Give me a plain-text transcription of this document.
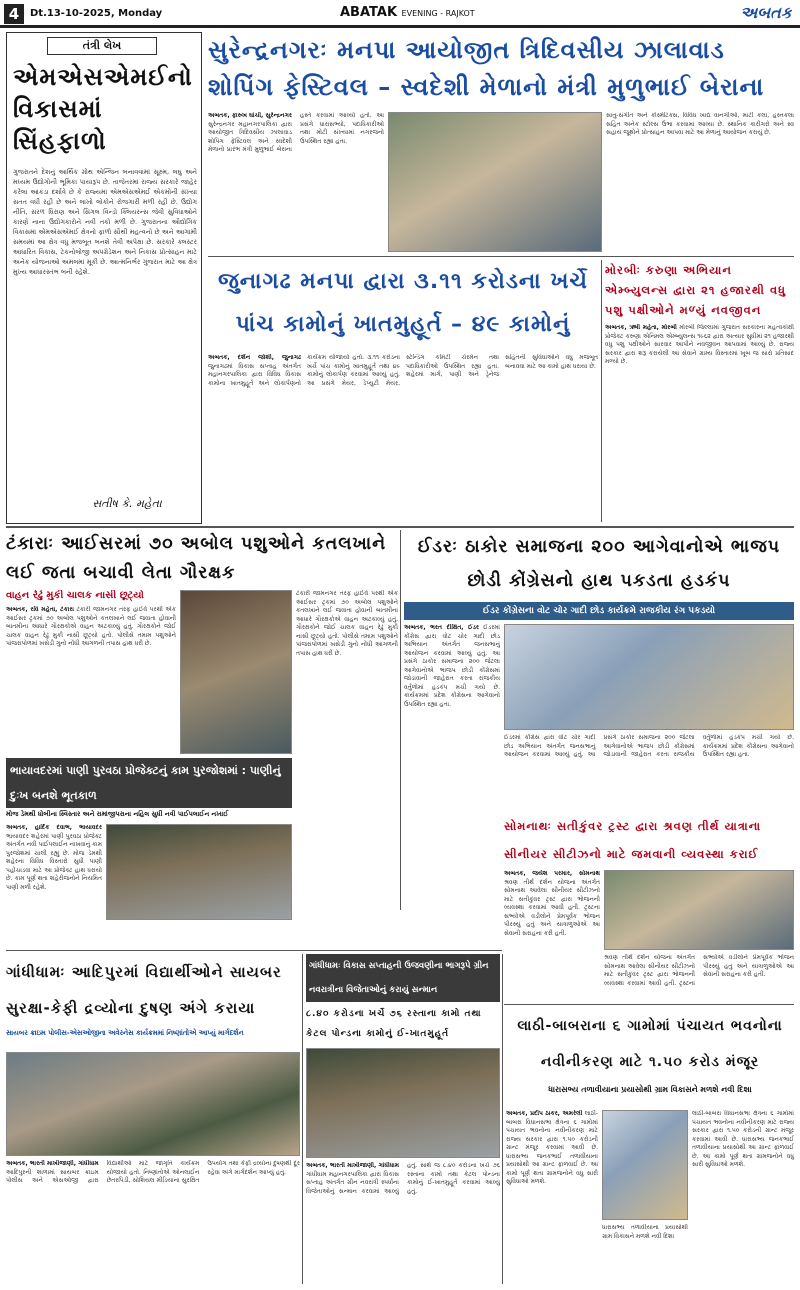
4	Dt.13-10-2025, Monday	ABATAK EVENING - RAJKOT	અબતક
તંત્રી લેખ
એમએસએમઈનો વિકાસમાં સિંહફાળો
ગુજરાતને દેશનું આર્થિક ગ્રોથ એન્જિન બનાવવામાં સૂક્ષ્મ, લઘુ અને મધ્યમ ઉદ્યોગોની ભૂમિકા પાયારૂપ છે. તાજેતરમાં રાજ્ય સરકારે જાહેર કરેલા આંકડા દર્શાવે છે કે રાજ્યમાં એમએસએમઈ એકમોની સંખ્યા સતત વધી રહી છે અને લાખો લોકોને રોજગારી મળી રહી છે. ઉદ્યોગ નીતિ, સરળ ધિરાણ અને સિંગલ વિન્ડો ક્લિયરન્સ જેવી સુવિધાઓને કારણે નાના ઉદ્યોગકારોને નવી તકો મળી છે. ગુજરાતના ઔદ્યોગિક વિકાસમાં એમએસએમઈ ક્ષેત્રનો ફાળો સૌથી મહત્વનો છે અને આગામી સમયમાં આ ક્ષેત્ર વધુ મજબૂત બનશે તેવી અપેક્ષા છે. સરકારે ક્લસ્ટર આધારિત વિકાસ, ટેકનોલોજી અપગ્રેડેશન અને નિકાસ પ્રોત્સાહન માટે અનેક યોજનાઓ અમલમાં મૂકી છે. આત્મનિર્ભર ગુજરાત માટે આ ક્ષેત્ર મુખ્ય આધારસ્તંભ બની રહેશે.
સતીષ કે. મહેતા
સુરેન્દ્રનગરઃ મનપા આયોજીત ત્રિદિવસીય ઝાલાવાડ શોપિંગ ફેસ્ટિવલ – સ્વદેશી મેળાનો મંત્રી મુળુભાઈ બેરાના
અબતક, ફારુખ ઘાંચી, સુરેન્દ્રનગર સુરેન્દ્રનગર મહાનગરપાલિકા દ્વારા આયોજીત ત્રિદિવસીય ઝાલાવાડ શોપિંગ ફેસ્ટિવલ અને સ્વદેશી મેળાનો પ્રારંભ મંત્રી મુળુભાઈ બેરાના હસ્તે કરવામાં આવ્યો હતો. આ પ્રસંગે ધારાસભ્યો, પદાધિકારીઓ તથા મોટી સંખ્યામાં નગરજનો ઉપસ્થિત રહ્યા હતા.
સાતુ-સંગીત અને કોસ્મેટિક્સ, વિવિધ ખાદ્ય વાનગીઓ, માટી કલા, હસ્તકલા સહિત અનેક સ્ટોલ્સ ઉભા કરવામાં આવ્યા છે. સ્થાનિક કારીગરો અને સ્વ સહાય જૂથોને પ્રોત્સાહન આપવા માટે આ મેળાનું આયોજન કરાયું છે.
જુનાગઢ મનપા દ્વારા ૩.૧૧ કરોડના ખર્ચે પાંચ કામોનું ખાતમુહૂર્ત – ૪૯ કામોનું
અબતક, દર્શન જોશી, જુનાગઢ જુનાગઢમાં વિકાસ સપ્તાહ અંતર્ગત મહાનગરપાલિકા દ્વારા વિવિધ વિકાસ કામોના ખાતમુહૂર્ત અને લોકાર્પણનો કાર્યક્રમ યોજાયો હતો. ૩.૧૧ કરોડના ખર્ચે પાંચ કામોનું ખાતમુહૂર્ત તથા ૪૯ કામોનું લોકાર્પણ કરવામાં આવ્યું હતું. આ પ્રસંગે મેયર, ડેપ્યુટી મેયર, સ્ટેન્ડિંગ કમિટી ચેરમેન તથા પદાધિકારીઓ ઉપસ્થિત રહ્યા હતા. શહેરમાં માર્ગ, પાણી અને ડ્રેનેજ સહિતની સુવિધાઓને વધુ મજબૂત બનાવવા માટે આ કામો હાથ ધરાયા છે.
મોરબીઃ કરુણા અભિયાન એમ્બ્યુલન્સ દ્વારા ૨૧ હજારથી વધુ પશુ પક્ષીઓને મળ્યું નવજીવન
અબતક, ઋષી મહેતા, મોરબી મોરબી જિલ્લામાં ગુજરાત સરકારના મહત્વકાંક્ષી પ્રોજેક્ટ કરુણા એનિમલ એમ્બ્યુલન્સ ૧૯૬૨ દ્વારા અત્યાર સુધીમાં ૨૧ હજારથી વધુ પશુ પક્ષીઓને સારવાર આપીને નવજીવન આપવામાં આવ્યું છે. રાજ્ય સરકાર દ્વારા શરૂ કરાયેલી આ સેવાને ગ્રામ્ય વિસ્તારમાં ખૂબ જ સારો પ્રતિસાદ મળ્યો છે.
ટંકારાઃ આઈસરમાં ૭૦ અબોલ પશુઓને કતલખાને લઈ જતા બચાવી લેતા ગૌરક્ષક
વાહન રેઢું મુકી ચાલક નાસી છૂટ્યો
અબતક, રવિ મહેતા, ટંકારા ટંકારી જામનગર તરફ હાઈવે પરથી એક આઈસર ટ્રકમાં ૭૦ અબોલ પશુઓને કતલખાને લઈ જવાતા હોવાની બાતમીના આધારે ગૌરક્ષકોએ વાહન અટકાવ્યું હતું. ગૌરક્ષકોને જોઈ ચાલક વાહન રેઢું મુકી નાસી છૂટ્યો હતો. પોલીસે તમામ પશુઓને પાંજરાપોળમાં ખસેડી ગુનો નોંધી આગળની તપાસ હાથ ધરી છે.
ટંકારી જામનગર તરફ હાઈવે પરથી એક આઈસર ટ્રકમાં ૭૦ અબોલ પશુઓને કતલખાને લઈ જવાતા હોવાની બાતમીના આધારે ગૌરક્ષકોએ વાહન અટકાવ્યું હતું. ગૌરક્ષકોને જોઈ ચાલક વાહન રેઢું મુકી નાસી છૂટ્યો હતો. પોલીસે તમામ પશુઓને પાંજરાપોળમાં ખસેડી ગુનો નોંધી આગળની તપાસ હાથ ધરી છે.
ભાયાવદરમાં પાણી પુરવઠા પ્રોજેક્ટનું કામ પુરજોશમાં : પાણીનું દુઃખ બનશે ભૂતકાળ
મોજ ડેમથી ધોબીના સ્વિસ્તાર અને રામાંજીપરાના નહિલ સુધી નવી પાઈપલાઈન નખાઈ
અબતક, હાર્દિક દવાભ, ભાયાવદર ભાયાવદર શહેરમાં પાણી પુરવઠા પ્રોજેક્ટ અંતર્ગત નવી પાઈપલાઈન નાખવાનું કામ પુરજોશમાં ચાલી રહ્યું છે. મોજ ડેમથી શહેરના વિવિધ વિસ્તારો સુધી પાણી પહોંચાડવા માટે આ પ્રોજેક્ટ હાથ ધરાયો છે. કામ પૂર્ણ થતા શહેરીજનોને નિયમિત પાણી મળી રહેશે.
ઈડરઃ ઠાકોર સમાજના ૨૦૦ આગેવાનોએ ભાજપ છોડી કોંગ્રેસનો હાથ પકડતા હડકંપ
ઈડર કોંગ્રેસના વોટ ચોર ગાદી છોડ કાર્યક્રમે રાજકીય રંગ પકડયો
અબતક, ભરત દીક્ષિત, ઈડર ઈડરમાં કોંગ્રેસ દ્વારા વોટ ચોર ગાદી છોડ અભિયાન અંતર્ગત જનસભાનું આયોજન કરવામાં આવ્યું હતું. આ પ્રસંગે ઠાકોર સમાજના ૨૦૦ જેટલા આગેવાનોએ ભાજપ છોડી કોંગ્રેસમાં જોડાવાની જાહેરાત કરતા રાજકીય વર્તુળોમાં હડકંપ મચી ગયો છે. કાર્યક્રમમાં પ્રદેશ કોંગ્રેસના આગેવાનો ઉપસ્થિત રહ્યા હતા.
ઈડરમાં કોંગ્રેસ દ્વારા વોટ ચોર ગાદી છોડ અભિયાન અંતર્ગત જનસભાનું આયોજન કરવામાં આવ્યું હતું. આ પ્રસંગે ઠાકોર સમાજના ૨૦૦ જેટલા આગેવાનોએ ભાજપ છોડી કોંગ્રેસમાં જોડાવાની જાહેરાત કરતા રાજકીય વર્તુળોમાં હડકંપ મચી ગયો છે. કાર્યક્રમમાં પ્રદેશ કોંગ્રેસના આગેવાનો ઉપસ્થિત રહ્યા હતા.
સોમનાથઃ સતીકુંવર ટ્રસ્ટ દ્વારા શ્રવણ તીર્થ યાત્રાના સીનીયર સીટીઝનો માટે જમવાની વ્યવસ્થા કરાઈ
અબતક, જયેશ પરમાર, સોમનાથ શ્રવણ તીર્થ દર્શન યોજના અંતર્ગત સોમનાથ આવેલા સીનીયર સીટીઝનો માટે સતીકુંવર ટ્રસ્ટ દ્વારા ભોજનની વ્યવસ્થા કરવામાં આવી હતી. ટ્રસ્ટના સભ્યોએ વડીલોને પ્રેમપૂર્વક ભોજન પીરસ્યું હતું અને યાત્રાળુઓએ આ સેવાની સરાહના કરી હતી.
શ્રવણ તીર્થ દર્શન યોજના અંતર્ગત સોમનાથ આવેલા સીનીયર સીટીઝનો માટે સતીકુંવર ટ્રસ્ટ દ્વારા ભોજનની વ્યવસ્થા કરવામાં આવી હતી. ટ્રસ્ટના સભ્યોએ વડીલોને પ્રેમપૂર્વક ભોજન પીરસ્યું હતું અને યાત્રાળુઓએ આ સેવાની સરાહના કરી હતી.
ગાંધીધામઃ આદિપુરમાં વિદ્યાર્થીઓને સાયબર સુરક્ષા-કેફી દ્રવ્યોના દુષણ અંગે કરાયા
સાયબર ક્રાઇમ પોલીસ-એસઓજીના અવેરનેસ કાર્યક્રમમાં નિષ્ણાંતોએ આપ્યું માર્ગદર્શન
અબતક, ભારતી માખીજાણી, ગાંધીધામ આદિપુરની શાળામાં સાયબર ક્રાઇમ પોલીસ અને એસઓજી દ્વારા વિદ્યાર્થીઓ માટે જાગૃતિ કાર્યક્રમ યોજાયો હતો. નિષ્ણાંતોએ ઓનલાઈન છેતરપિંડી, સોશિયલ મીડિયાના સુરક્ષિત ઉપયોગ તથા કેફી દ્રવ્યોના દુષણથી દૂર રહેવા અંગે માર્ગદર્શન આપ્યું હતું.
ગાંધીધામઃ વિકાસ સપ્તાહની ઉજવણીના ભાગરૂપે ગ્રીન નવરાત્રીના વિજેતાઓનું કરાયું સન્માન
૮.૪૦ કરોડના ખર્ચે ૭૬ રસ્તાના કામો તથા કેટલ પોન્ડના કામોનું ઈ-ખાતમુહૂર્ત
અબતક, ભારતી માખીજાણી, ગાંધીધામ ગાંધીધામ મહાનગરપાલિકા દ્વારા વિકાસ સપ્તાહ અંતર્ગત ગ્રીન નવરાત્રી સ્પર્ધાના વિજેતાઓનું સન્માન કરવામાં આવ્યું હતું. સાથે જ ૮.૪૦ કરોડના ખર્ચે ૭૬ રસ્તાના કામો તથા કેટલ પોન્ડના કામોનું ઈ-ખાતમુહૂર્ત કરવામાં આવ્યું હતું.
લાઠી-બાબરાના ૬ ગામોમાં પંચાયત ભવનોના નવીનીકરણ માટે ૧.૫૦ કરોડ મંજૂર
ધારાસભ્ય તળાવીયાના પ્રયાસોથી ગ્રામ વિકાસને મળશે નવી દિશા
અબતક, પ્રદીપ ઠાકર, અમરેલી લાઠી-બાબરા વિધાનસભા ક્ષેત્રના ૬ ગામોમાં પંચાયત ભવનોના નવીનીકરણ માટે રાજ્ય સરકાર દ્વારા ૧.૫૦ કરોડની ગ્રાન્ટ મંજૂર કરવામાં આવી છે. ધારાસભ્ય જનકભાઈ તળાવીયાના પ્રયાસોથી આ ગ્રાન્ટ ફાળવાઈ છે. આ કામો પૂર્ણ થતા ગ્રામજનોને વધુ સારી સુવિધાઓ મળશે.
લાઠી-બાબરા વિધાનસભા ક્ષેત્રના ૬ ગામોમાં પંચાયત ભવનોના નવીનીકરણ માટે રાજ્ય સરકાર દ્વારા ૧.૫૦ કરોડની ગ્રાન્ટ મંજૂર કરવામાં આવી છે. ધારાસભ્ય જનકભાઈ તળાવીયાના પ્રયાસોથી આ ગ્રાન્ટ ફાળવાઈ છે. આ કામો પૂર્ણ થતા ગ્રામજનોને વધુ સારી સુવિધાઓ મળશે.
ધારાસભ્ય તળાવીયાના પ્રયાસોથી ગ્રામ વિકાસને મળશે નવી દિશા
